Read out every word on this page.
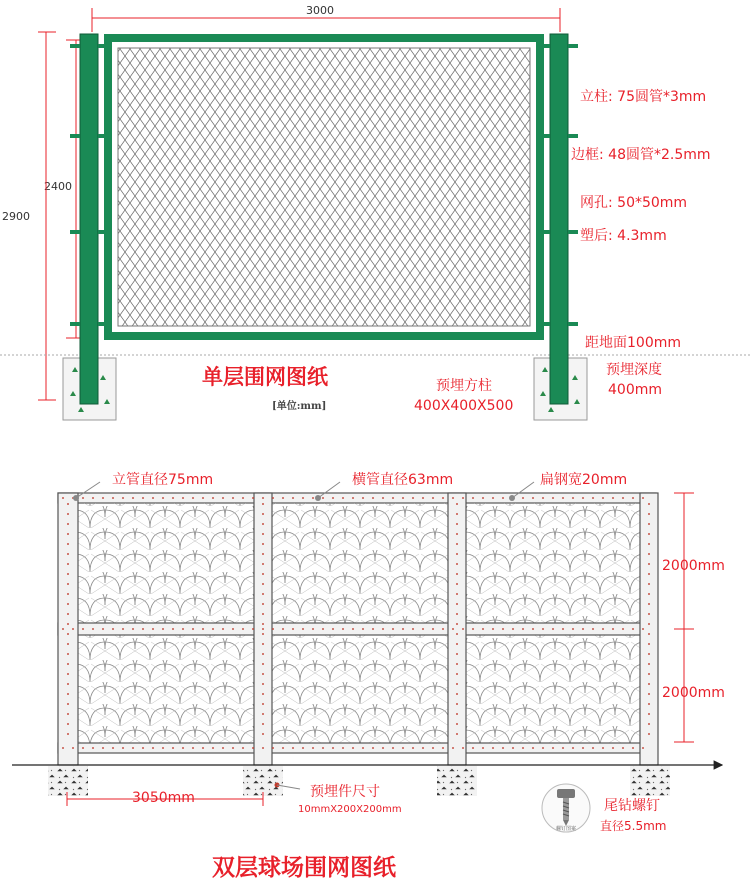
3000
2400
2900
立柱: 75圆管*3mm
边框: 48圆管*2.5mm
网孔: 50*50mm
塑后: 4.3mm
距地面100mm
预埋深度
400mm
预埋方柱
400X400X500
单层围网图纸
[单位:mm]
螺钉图案
立管直径75mm	横管直径63mm	扁钢宽20mm
2000mm
2000mm
3050mm	预埋件尺寸
10mmX200X200mm	尾钻螺钉
直径5.5mm
双层球场围网图纸
